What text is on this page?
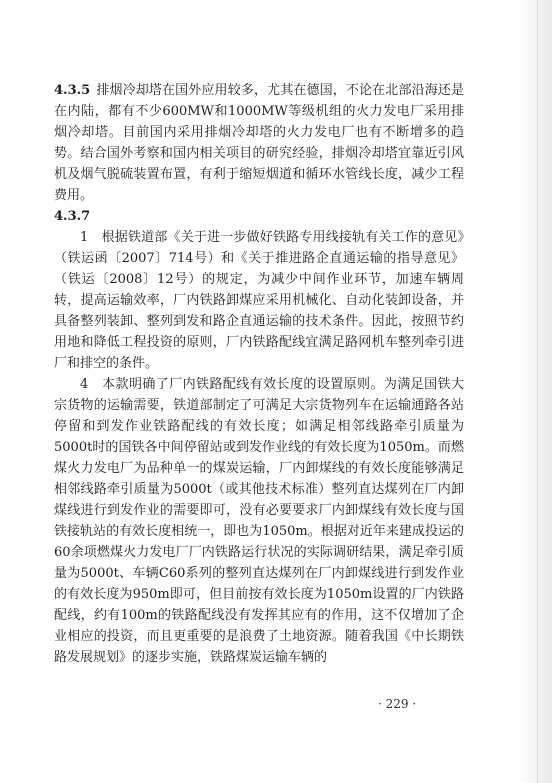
4.3.5 排烟冷却塔在国外应用较多，尤其在德国，不论在北部沿海还是在内陆，都有不少600MW和1000MW等级机组的火力发电厂采用排烟冷却塔。目前国内采用排烟冷却塔的火力发电厂也有不断增多的趋势。结合国外考察和国内相关项目的研究经验，排烟冷却塔宜靠近引风机及烟气脱硫装置布置，有利于缩短烟道和循环水管线长度，减少工程费用。

4.3.7

1　根据铁道部《关于进一步做好铁路专用线接轨有关工作的意见》（铁运函〔2007〕714号）和《关于推进路企直通运输的指导意见》（铁运〔2008〕12号）的规定，为减少中间作业环节，加速车辆周转，提高运输效率，厂内铁路卸煤应采用机械化、自动化装卸设备，并具备整列装卸、整列到发和路企直通运输的技术条件。因此，按照节约用地和降低工程投资的原则，厂内铁路配线宜满足路网机车整列牵引进厂和排空的条件。

4　本款明确了厂内铁路配线有效长度的设置原则。为满足国铁大宗货物的运输需要，铁道部制定了可满足大宗货物列车在运输通路各站停留和到发作业铁路配线的有效长度；如满足相邻线路牵引质量为5000t时的国铁各中间停留站或到发作业线的有效长度为1050m。而燃煤火力发电厂为品种单一的煤炭运输，厂内卸煤线的有效长度能够满足相邻线路牵引质量为5000t（或其他技术标准）整列直达煤列在厂内卸煤线进行到发作业的需要即可，没有必要要求厂内卸煤线有效长度与国铁接轨站的有效长度相统一，即也为1050m。根据对近年来建成投运的60余项燃煤火力发电厂厂内铁路运行状况的实际调研结果，满足牵引质量为5000t、车辆C60系列的整列直达煤列在厂内卸煤线进行到发作业的有效长度为950m即可，但目前按有效长度为1050m设置的厂内铁路配线，约有100m的铁路配线没有发挥其应有的作用，这不仅增加了企业相应的投资，而且更重要的是浪费了土地资源。随着我国《中长期铁路发展规划》的逐步实施，铁路煤炭运输车辆的

· 229 ·
